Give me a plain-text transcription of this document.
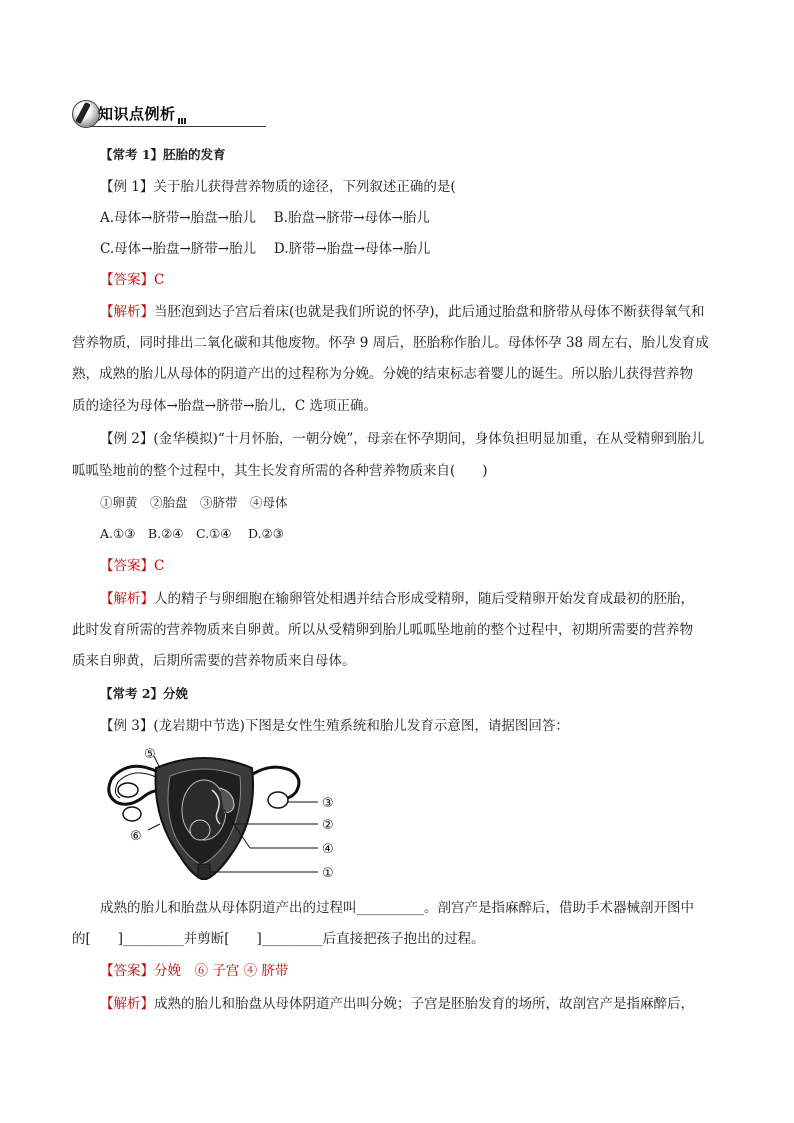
知识点例析
【常考 1】胚胎的发育
【例 1】关于胎儿获得营养物质的途径，下列叙述正确的是(
A.母体→脐带→胎盘→胎儿　 B.胎盘→脐带→母体→胎儿
C.母体→胎盘→脐带→胎儿　 D.脐带→胎盘→母体→胎儿
【答案】C
【解析】当胚泡到达子宫后着床(也就是我们所说的怀孕)，此后通过胎盘和脐带从母体不断获得氧气和
营养物质，同时排出二氧化碳和其他废物。怀孕 9 周后，胚胎称作胎儿。母体怀孕 38 周左右，胎儿发育成
熟，成熟的胎儿从母体的阴道产出的过程称为分娩。分娩的结束标志着婴儿的诞生。所以胎儿获得营养物
质的途径为母体→胎盘→脐带→胎儿，C 选项正确。
【例 2】(金华模拟)“十月怀胎，一朝分娩”，母亲在怀孕期间，身体负担明显加重，在从受精卵到胎儿
呱呱坠地前的整个过程中，其生长发育所需的各种营养物质来自(　　)
①卵黄　②胎盘　③脐带　④母体
A.①③　B.②④　C.①④　 D.②③
【答案】C
【解析】人的精子与卵细胞在输卵管处相遇并结合形成受精卵，随后受精卵开始发育成最初的胚胎，
此时发育所需的营养物质来自卵黄。所以从受精卵到胎儿呱呱坠地前的整个过程中，初期所需要的营养物
质来自卵黄，后期所需要的营养物质来自母体。
【常考 2】分娩
【例 3】(龙岩期中节选)下图是女性生殖系统和胎儿发育示意图，请据图回答：
⑤
⑥
③
②
④
①
成熟的胎儿和胎盘从母体阴道产出的过程叫__________。剖宫产是指麻醉后，借助手术器械剖开图中
的[　　]_________并剪断[　　]_________后直接把孩子抱出的过程。
【答案】分娩　⑥ 子宫 ④ 脐带
【解析】成熟的胎儿和胎盘从母体阴道产出叫分娩；子宫是胚胎发育的场所，故剖宫产是指麻醉后，
